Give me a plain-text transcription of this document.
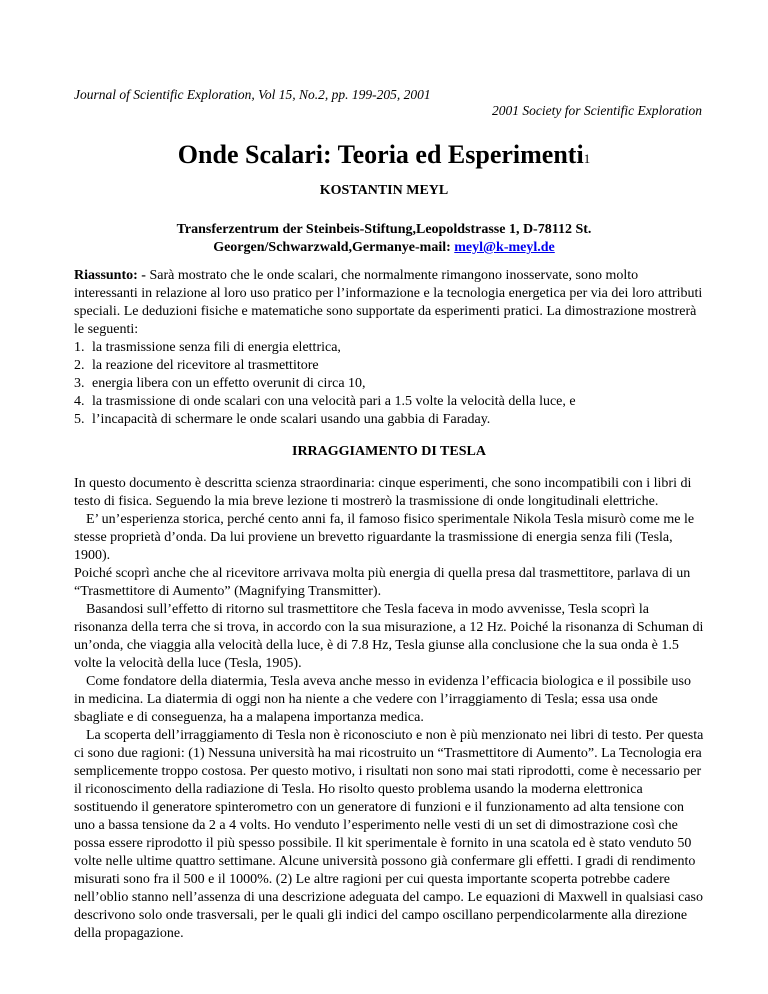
Journal of Scientific Exploration, Vol 15, No.2, pp. 199-205, 2001
2001 Society for Scientific Exploration
Onde Scalari: Teoria ed Esperimenti1
KOSTANTIN MEYL
Transferzentrum der Steinbeis-Stiftung,Leopoldstrasse 1, D-78112 St.
Georgen/Schwarzwald,Germanye-mail: meyl@k-meyl.de

Riassunto: - Sarà mostrato che le onde scalari, che normalmente rimangono inosservate, sono molto interessanti in relazione al loro uso pratico per l’informazione e la tecnologia energetica per via dei loro attributi speciali. Le deduzioni fisiche e matematiche sono supportate da esperimenti pratici. La dimostrazione mostrerà le seguenti:

1. la trasmissione senza fili di energia elettrica,
2. la reazione del ricevitore al trasmettitore
3. energia libera con un effetto overunit di circa 10,
4. la trasmissione di onde scalari con una velocità pari a 1.5 volte la velocità della luce, e
5. l’incapacità di schermare le onde scalari usando una gabbia di Faraday.
IRRAGGIAMENTO DI TESLA

In questo documento è descritta scienza straordinaria: cinque esperimenti, che sono incompatibili con i libri di testo di fisica. Seguendo la mia breve lezione ti mostrerò la trasmissione di onde longitudinali elettriche.

E’ un’esperienza storica, perché cento anni fa, il famoso fisico sperimentale Nikola Tesla misurò come me le stesse proprietà d’onda. Da lui proviene un brevetto riguardante la trasmissione di energia senza fili (Tesla, 1900).

Poiché scoprì anche che al ricevitore arrivava molta più energia di quella presa dal trasmettitore, parlava di un “Trasmettitore di Aumento” (Magnifying Transmitter).

Basandosi sull’effetto di ritorno sul trasmettitore che Tesla faceva in modo avvenisse, Tesla scoprì la risonanza della terra che si trova, in accordo con la sua misurazione, a 12 Hz. Poiché la risonanza di Schuman di un’onda, che viaggia alla velocità della luce, è di 7.8 Hz, Tesla giunse alla conclusione che la sua onda è 1.5 volte la velocità della luce (Tesla, 1905).

Come fondatore della diatermia, Tesla aveva anche messo in evidenza l’efficacia biologica e il possibile uso in medicina. La diatermia di oggi non ha niente a che vedere con l’irraggiamento di Tesla; essa usa onde sbagliate e di conseguenza, ha a malapena importanza medica.

La scoperta dell’irraggiamento di Tesla non è riconosciuto e non è più menzionato nei libri di testo. Per questa ci sono due ragioni: (1) Nessuna università ha mai ricostruito un “Trasmettitore di Aumento”. La Tecnologia era semplicemente troppo costosa. Per questo motivo, i risultati non sono mai stati riprodotti, come è necessario per il riconoscimento della radiazione di Tesla. Ho risolto questo problema usando la moderna elettronica sostituendo il generatore spinterometro con un generatore di funzioni e il funzionamento ad alta tensione con uno a bassa tensione da 2 a 4 volts. Ho venduto l’esperimento nelle vesti di un set di dimostrazione così che possa essere riprodotto il più spesso possibile. Il kit sperimentale è fornito in una scatola ed è stato venduto 50 volte nelle ultime quattro settimane. Alcune università possono già confermare gli effetti. I gradi di rendimento misurati sono fra il 500 e il 1000%. (2) Le altre ragioni per cui questa importante scoperta potrebbe cadere nell’oblio stanno nell’assenza di una descrizione adeguata del campo. Le equazioni di Maxwell in qualsiasi caso descrivono solo onde trasversali, per le quali gli indici del campo oscillano perpendicolarmente alla direzione della propagazione.
